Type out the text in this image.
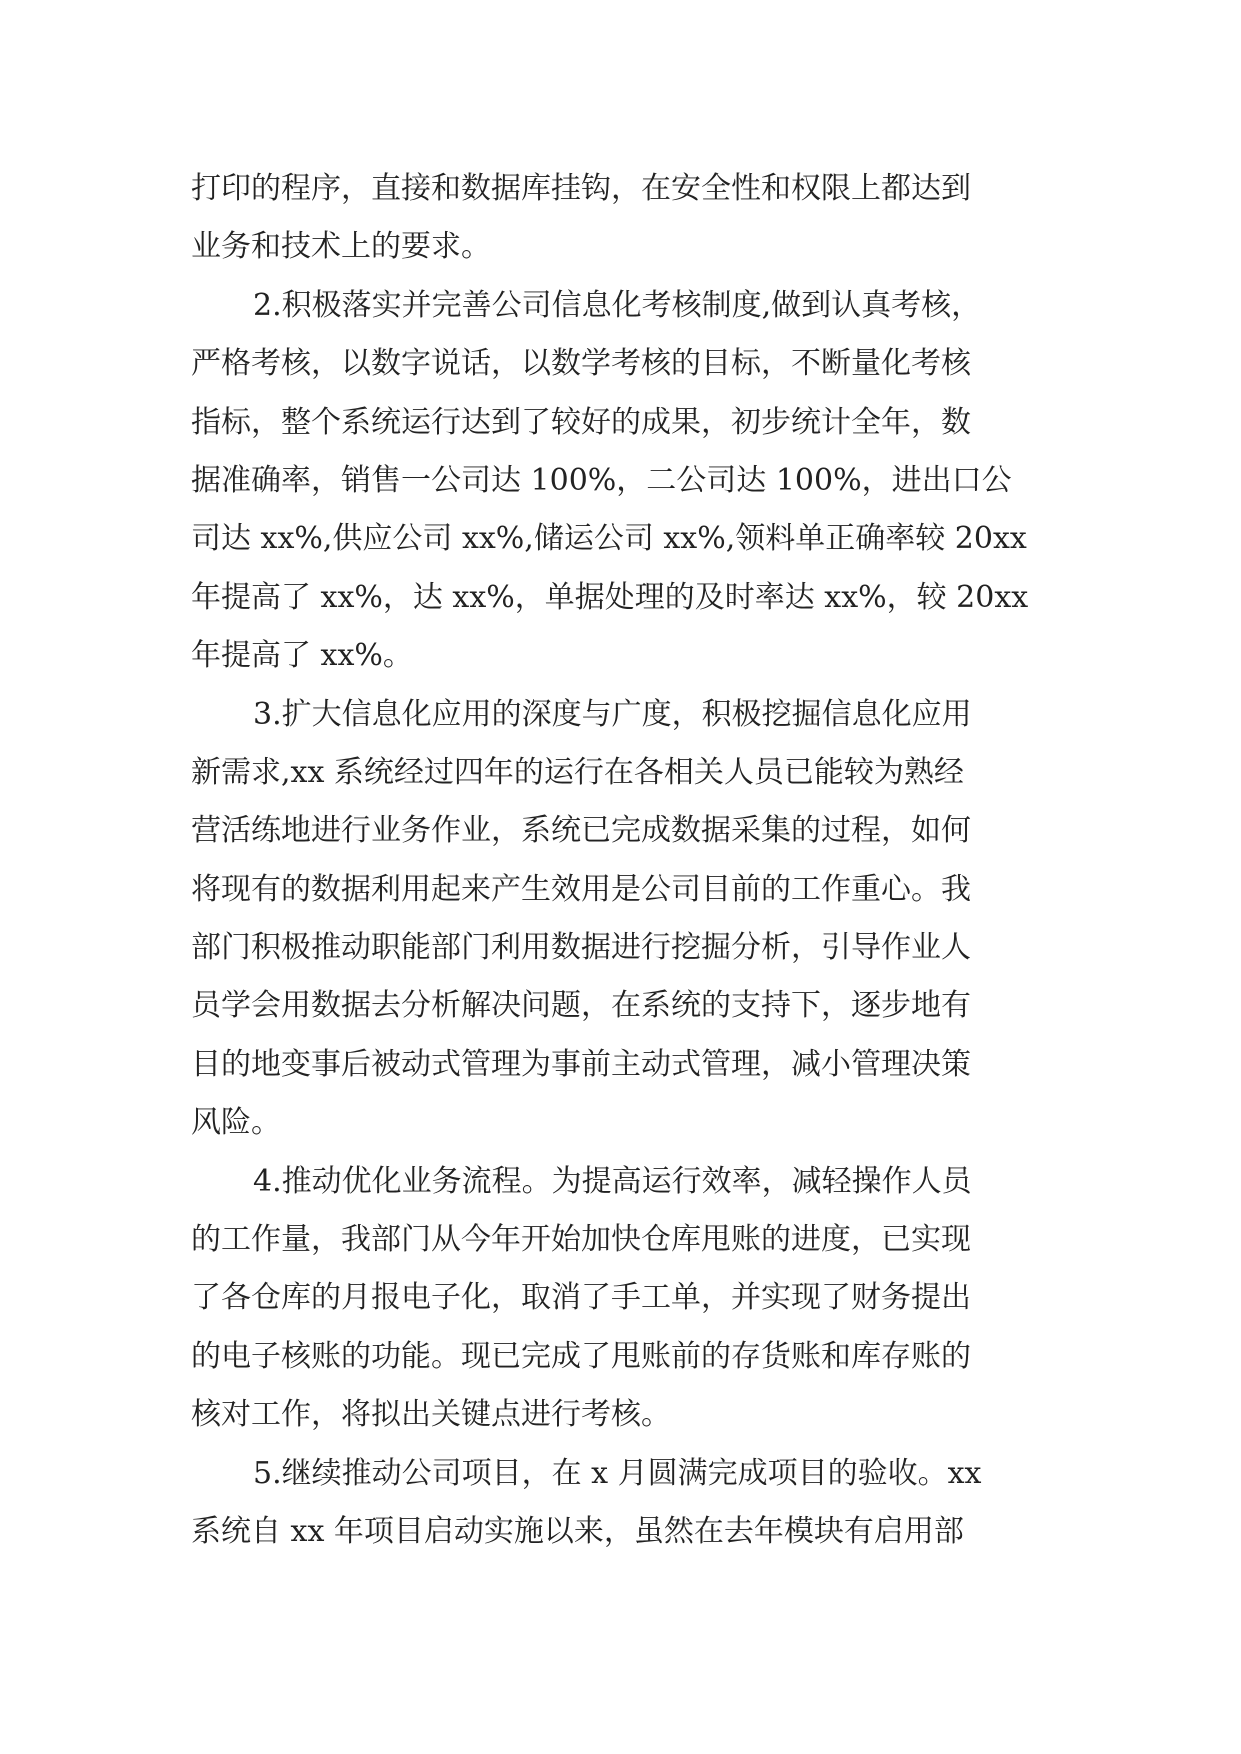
打印的程序，直接和数据库挂钩，在安全性和权限上都达到
业务和技术上的要求。
2.积极落实并完善公司信息化考核制度,做到认真考核，
严格考核，以数字说话，以数学考核的目标，不断量化考核
指标，整个系统运行达到了较好的成果，初步统计全年，数
据准确率，销售一公司达 100%，二公司达 100%，进出口公
司达 xx%,供应公司 xx%,储运公司 xx%,领料单正确率较 20xx
年提高了 xx%，达 xx%，单据处理的及时率达 xx%，较 20xx
年提高了 xx%。
3.扩大信息化应用的深度与广度，积极挖掘信息化应用
新需求,xx 系统经过四年的运行在各相关人员已能较为熟经
营活练地进行业务作业，系统已完成数据采集的过程，如何
将现有的数据利用起来产生效用是公司目前的工作重心。我
部门积极推动职能部门利用数据进行挖掘分析，引导作业人
员学会用数据去分析解决问题，在系统的支持下，逐步地有
目的地变事后被动式管理为事前主动式管理，减小管理决策
风险。
4.推动优化业务流程。为提高运行效率，减轻操作人员
的工作量，我部门从今年开始加快仓库甩账的进度，已实现
了各仓库的月报电子化，取消了手工单，并实现了财务提出
的电子核账的功能。现已完成了甩账前的存货账和库存账的
核对工作，将拟出关键点进行考核。
5.继续推动公司项目，在 x 月圆满完成项目的验收。xx
系统自 xx 年项目启动实施以来，虽然在去年模块有启用部
